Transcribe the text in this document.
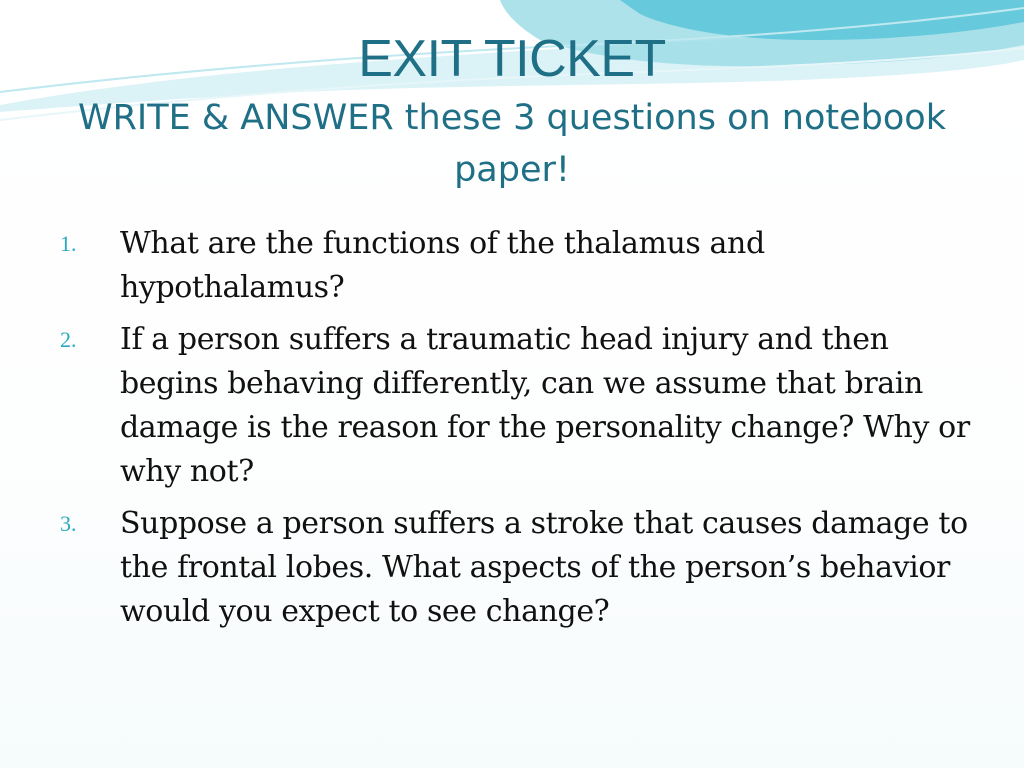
EXIT TICKET
WRITE & ANSWER these 3 questions on notebook paper!
1.	What are the functions of the thalamus and hypothalamus?
2.	If a person suffers a traumatic head injury and then begins behaving differently, can we assume that brain damage is the reason for the personality change? Why or why not?
3.	Suppose a person suffers a stroke that causes damage to the frontal lobes. What aspects of the person’s behavior would you expect to see change?
